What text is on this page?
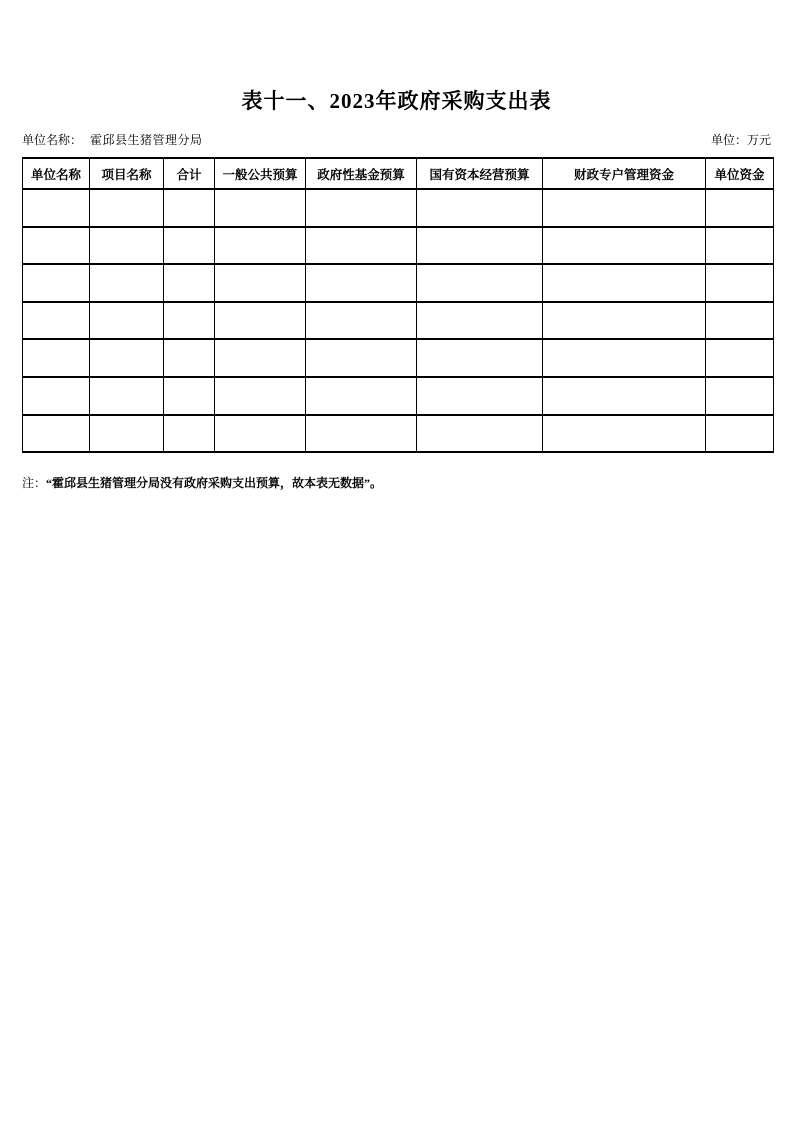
表十一、2023年政府采购支出表
单位名称： 霍邱县生猪管理分局	单位：万元
单位名称	项目名称	合计	一般公共预算	政府性基金预算	国有资本经营预算	财政专户管理资金	单位资金

注：“霍邱县生猪管理分局没有政府采购支出预算，故本表无数据”。
